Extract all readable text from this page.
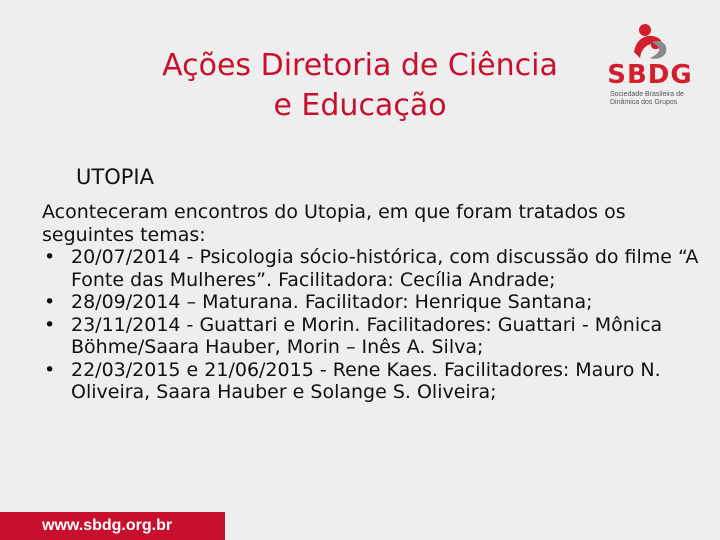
Ações Diretoria de Ciência
e Educação
SBDG
Sociedade Brasileira de
Dinâmica dos Grupos
UTOPIA

Aconteceram encontros do Utopia, em que foram tratados os seguintes temas:

• 20/07/2014 - Psicologia sócio-histórica, com discussão do filme “A Fonte das Mulheres”. Facilitadora: Cecília Andrade;
• 28/09/2014 – Maturana. Facilitador: Henrique Santana;
• 23/11/2014 - Guattari e Morin. Facilitadores: Guattari - Mônica Böhme/Saara Hauber, Morin – Inês A. Silva;
• 22/03/2015 e 21/06/2015 - Rene Kaes. Facilitadores: Mauro N. Oliveira, Saara Hauber e Solange S. Oliveira;
www.sbdg.org.br
